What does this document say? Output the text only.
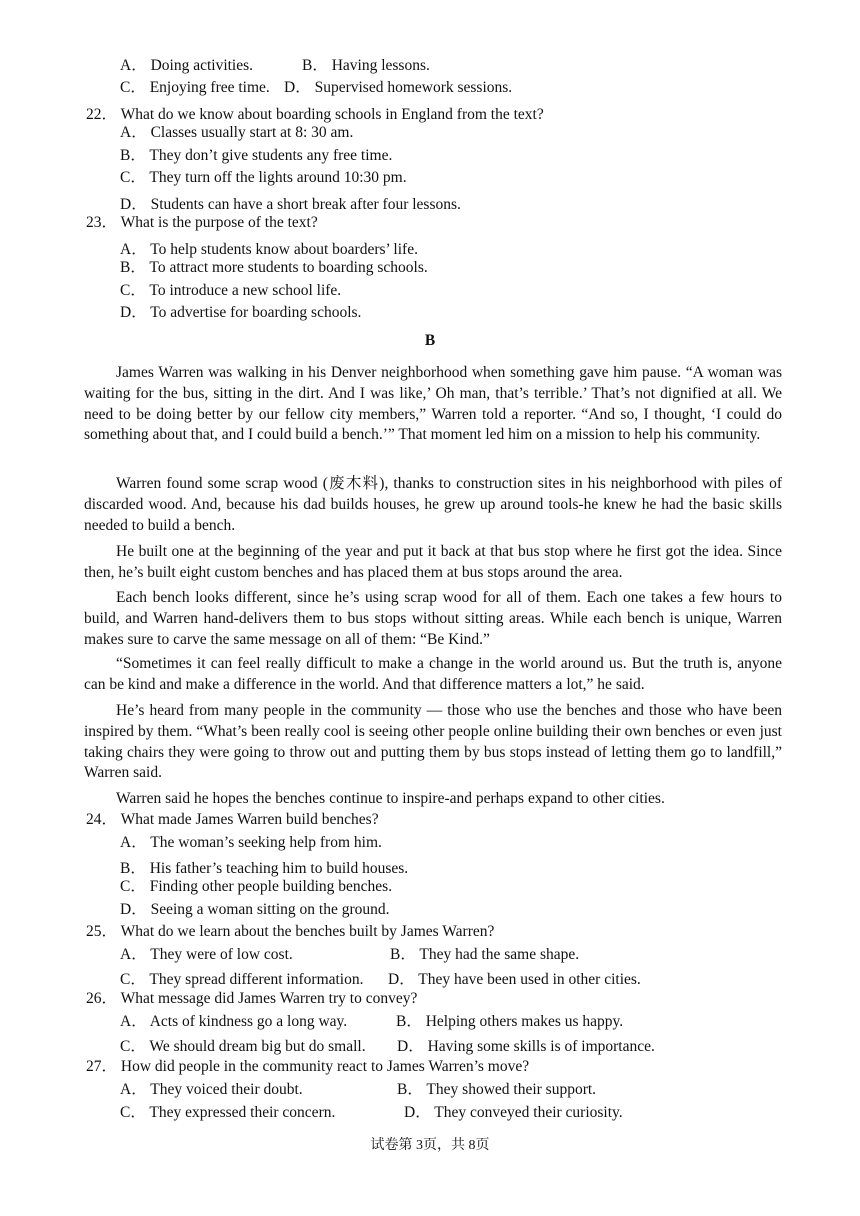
A． Doing activities.	B． Having lessons.
C． Enjoying free time. D． Supervised homework sessions.
22． What do we know about boarding schools in England from the text?
A． Classes usually start at 8: 30 am.
B． They don’t give students any free time.
C． They turn off the lights around 10:30 pm.
D． Students can have a short break after four lessons.
23． What is the purpose of the text?
A． To help students know about boarders’ life.
B． To attract more students to boarding schools.
C． To introduce a new school life.
D． To advertise for boarding schools.
B
James Warren was walking in his Denver neighborhood when something gave him pause. “A woman was waiting for the bus, sitting in the dirt. And I was like,’ Oh man, that’s terrible.’ That’s not dignified at all. We need to be doing better by our fellow city members,” Warren told a reporter. “And so, I thought, ‘I could do something about that, and I could build a bench.’” That moment led him on a mission to help his community.
Warren found some scrap wood (废木料), thanks to construction sites in his neighborhood with piles of discarded wood. And, because his dad builds houses, he grew up around tools-he knew he had the basic skills needed to build a bench.
He built one at the beginning of the year and put it back at that bus stop where he first got the idea. Since then, he’s built eight custom benches and has placed them at bus stops around the area.
Each bench looks different, since he’s using scrap wood for all of them. Each one takes a few hours to build, and Warren hand-delivers them to bus stops without sitting areas. While each bench is unique, Warren makes sure to carve the same message on all of them: “Be Kind.”
“Sometimes it can feel really difficult to make a change in the world around us. But the truth is, anyone can be kind and make a difference in the world. And that difference matters a lot,” he said.
He’s heard from many people in the community — those who use the benches and those who have been inspired by them. “What’s been really cool is seeing other people online building their own benches or even just taking chairs they were going to throw out and putting them by bus stops instead of letting them go to landfill,” Warren said.
Warren said he hopes the benches continue to inspire-and perhaps expand to other cities.
24． What made James Warren build benches?
A． The woman’s seeking help from him.
B． His father’s teaching him to build houses.
C． Finding other people building benches.
D． Seeing a woman sitting on the ground.
25． What do we learn about the benches built by James Warren?
A． They were of low cost.	B． They had the same shape.
C． They spread different information. D． They have been used in other cities.
26． What message did James Warren try to convey?
A． Acts of kindness go a long way.	B． Helping others makes us happy.
C． We should dream big but do small. D． Having some skills is of importance.
27． How did people in the community react to James Warren’s move?
A． They voiced their doubt.	B． They showed their support.
C． They expressed their concern.	D． They conveyed their curiosity.
试卷第 3页，共 8页
